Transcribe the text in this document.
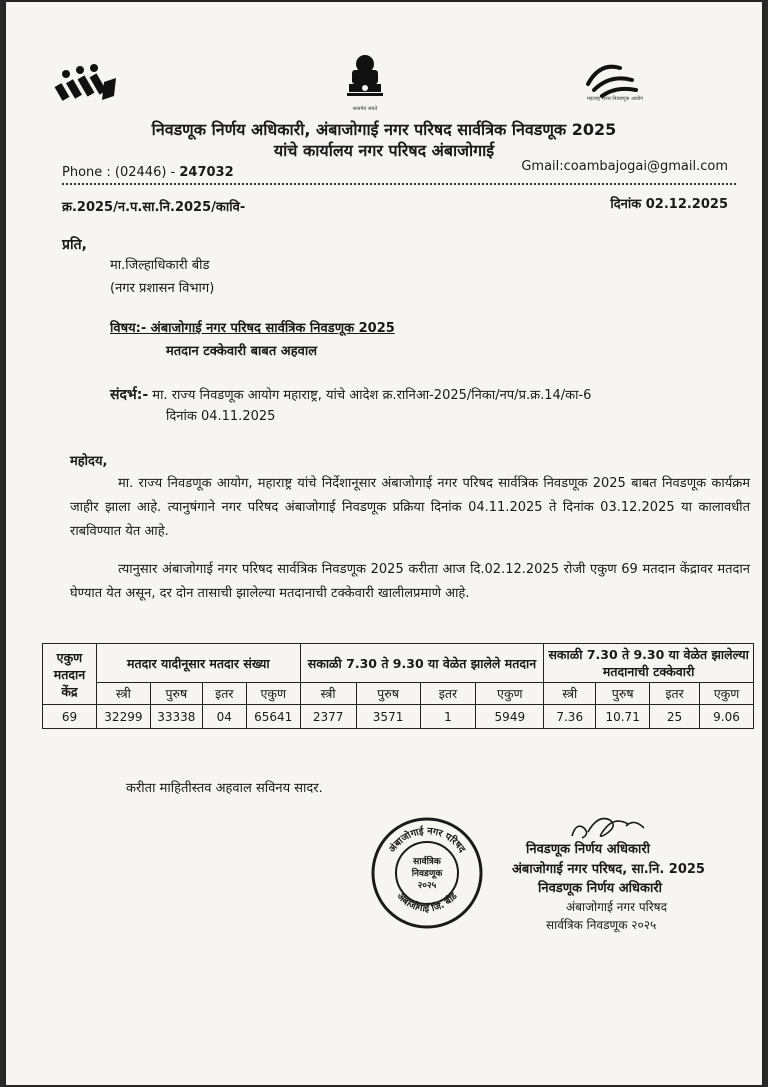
सत्यमेव जयते
महाराष्ट्र राज्य निवडणूक आयोग
निवडणूक निर्णय अधिकारी, अंबाजोगाई नगर परिषद सार्वत्रिक निवडणूक 2025
यांचे कार्यालय नगर परिषद अंबाजोगाई
Phone : (02446) - 247032	Gmail:coambajogai@gmail.com
क्र.2025/न.प.सा.नि.2025/कावि-	दिनांक 02.12.2025
प्रति,
मा.जिल्हाधिकारी बीड
(नगर प्रशासन विभाग)
विषय:- अंबाजोगाई नगर परिषद सार्वत्रिक निवडणूक 2025
मतदान टक्केवारी बाबत अहवाल
संदर्भ:- मा. राज्य निवडणूक आयोग महाराष्ट्र, यांचे आदेश क्र.रानिआ-2025/निका/नप/प्र.क्र.14/का-6
दिनांक 04.11.2025
महोदय,
मा. राज्य निवडणूक आयोग, महाराष्ट्र यांचे निर्देशानूसार अंबाजोगाई नगर परिषद सार्वत्रिक निवडणूक 2025 बाबत निवडणूक कार्यक्रम जाहीर झाला आहे. त्यानुषंगाने नगर परिषद अंबाजोगाई निवडणूक प्रक्रिया दिनांक 04.11.2025 ते दिनांक 03.12.2025 या कालावधीत राबविण्यात येत आहे.
त्यानुसार अंबाजोगाई नगर परिषद सार्वत्रिक निवडणूक 2025 करीता आज दि.02.12.2025 रोजी एकुण 69 मतदान केंद्रावर मतदान घेण्यात येत असून, दर दोन तासाची झालेल्या मतदानाची टक्केवारी खालीलप्रमाणे आहे.
एकुण मतदान केंद्र	मतदार यादीनूसार मतदार संख्या				सकाळी 7.30 ते 9.30 या वेळेत झालेले मतदान				सकाळी 7.30 ते 9.30 या वेळेत झालेल्या मतदानाची टक्केवारी			
	स्त्री	पुरुष	इतर	एकुण	स्त्री	पुरुष	इतर	एकुण	स्त्री	पुरुष	इतर	एकुण
69	32299	33338	04	65641	2377	3571	1	5949	7.36	10.71	25	9.06
करीता माहितीस्तव अहवाल सविनय सादर.
अंबाजोगाई नगर परिषद
अंबाजोगाई जि. बीड
सार्वत्रिक
निवडणूक
२०२५
निवडणूक निर्णय अधिकारी
अंबाजोगाई नगर परिषद, सा.नि. 2025
निवडणूक निर्णय अधिकारी
अंबाजोगाई नगर परिषद
सार्वत्रिक निवडणूक २०२५
